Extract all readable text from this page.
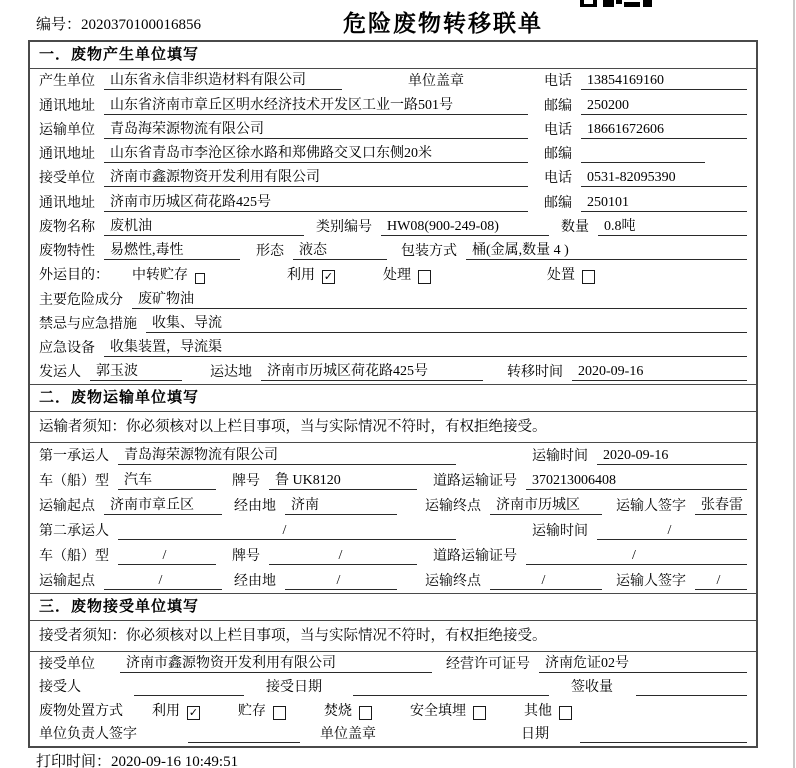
编号：2020370100016856	危险废物转移联单
一．废物产生单位填写
产生单位	山东省永信非织造材料有限公司	单位盖章	电话	13854169160
通讯地址	山东省济南市章丘区明水经济技术开发区工业一路501号	邮编	250200
运输单位	青岛海荣源物流有限公司	电话	18661672606
通讯地址	山东省青岛市李沧区徐水路和郑佛路交叉口东侧20米	邮编
接受单位	济南市鑫源物资开发利用有限公司	电话	0531-82095390
通讯地址	济南市历城区荷花路425号	邮编	250101
废物名称	废机油	类别编号	HW08(900-249-08)	数量	0.8吨
废物特性	易燃性,毒性	形态	液态	包装方式	桶(金属,数量 4 )
外运目的：	中转贮存	利用 ✓	处理	处置
主要危险成分	废矿物油
禁忌与应急措施	收集、导流
应急设备	收集装置，导流渠
发运人	郭玉波	运达地	济南市历城区荷花路425号	转移时间	2020-09-16
二．废物运输单位填写
运输者须知：你必须核对以上栏目事项，当与实际情况不符时，有权拒绝接受。
第一承运人	青岛海荣源物流有限公司	运输时间	2020-09-16
车（船）型	汽车	牌号	鲁 UK8120	道路运输证号	370213006408
运输起点	济南市章丘区	经由地	济南	运输终点	济南市历城区	运输人签字	张春雷
第二承运人	/	运输时间	/
车（船）型	/	牌号	/	道路运输证号	/
运输起点	/	经由地	/	运输终点	/	运输人签字	/
三．废物接受单位填写
接受者须知：你必须核对以上栏目事项，当与实际情况不符时，有权拒绝接受。
接受单位	济南市鑫源物资开发利用有限公司	经营许可证号	济南危证02号
接受人	接受日期	签收量
废物处置方式	利用 ✓	贮存	焚烧	安全填埋	其他
单位负责人签字	单位盖章	日期
打印时间：2020-09-16 10:49:51
